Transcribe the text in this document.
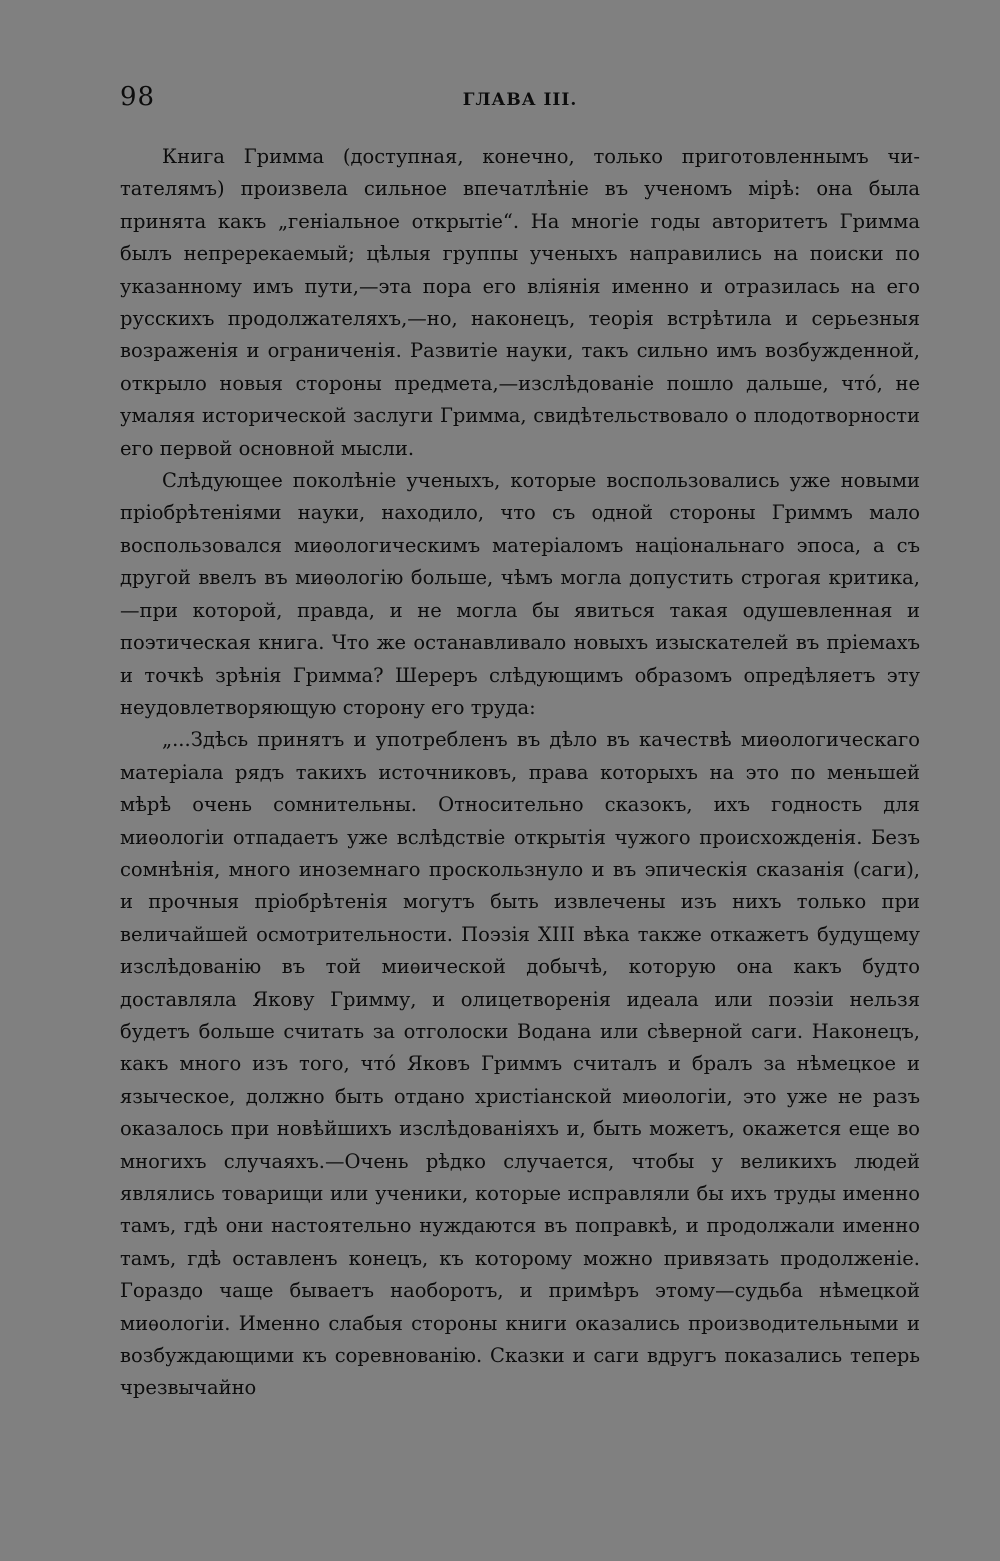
98	ГЛАВА III.

Книга Гримма (доступная, конечно, только приготовленнымъ читателямъ) произвела сильное впечатлѣніе въ ученомъ мірѣ: она была принята какъ „геніальное открытіе“. На многіе годы авторитетъ Гримма былъ непререкаемый; цѣлыя группы ученыхъ направились на поиски по указанному имъ пути,—эта пора его вліянія именно и отразилась на его русскихъ продолжателяхъ,—но, наконецъ, теорія встрѣтила и серьезныя возраженія и ограниченія. Развитіе науки, такъ сильно имъ возбужденной, открыло новыя стороны предмета,—изслѣдованіе пошло дальше, что́, не умаляя исторической заслуги Гримма, свидѣтельствовало о плодотворности его первой основной мысли.

Слѣдующее поколѣніе ученыхъ, которые воспользовались уже новыми пріобрѣтеніями науки, находило, что съ одной стороны Гриммъ мало воспользовался миѳологическимъ матеріаломъ національнаго эпоса, а съ другой ввелъ въ миѳологію больше, чѣмъ могла допустить строгая критика,—при которой, правда, и не могла бы явиться такая одушевленная и поэтическая книга. Что же останавливало новыхъ изыскателей въ пріемахъ и точкѣ зрѣнія Гримма? Шереръ слѣдующимъ образомъ опредѣляетъ эту неудовлетворяющую сторону его труда:

„...Здѣсь принятъ и употребленъ въ дѣло въ качествѣ миѳологическаго матеріала рядъ такихъ источниковъ, права которыхъ на это по меньшей мѣрѣ очень сомнительны. Относительно сказокъ, ихъ годность для миѳологіи отпадаетъ уже вслѣдствіе открытія чужого происхожденія. Безъ сомнѣнія, много иноземнаго проскользнуло и въ эпическія сказанія (саги), и прочныя пріобрѣтенія могутъ быть извлечены изъ нихъ только при величайшей осмотрительности. Поэзія XIII вѣка также откажетъ будущему изслѣдованію въ той миѳической добычѣ, которую она какъ будто доставляла Якову Гримму, и олицетворенія идеала или поэзіи нельзя будетъ больше считать за отголоски Водана или сѣверной саги. Наконецъ, какъ много изъ того, что́ Яковъ Гриммъ считалъ и бралъ за нѣмецкое и языческое, должно быть отдано христіанской миѳологіи, это уже не разъ оказалось при новѣйшихъ изслѣдованіяхъ и, быть можетъ, окажется еще во многихъ случаяхъ.—Очень рѣдко случается, чтобы у великихъ людей являлись товарищи или ученики, которые исправляли бы ихъ труды именно тамъ, гдѣ они настоятельно нуждаются въ поправкѣ, и продолжали именно тамъ, гдѣ оставленъ конецъ, къ которому можно привязать продолженіе. Гораздо чаще бываетъ наоборотъ, и примѣръ этому—судьба нѣмецкой миѳологіи. Именно слабыя стороны книги оказались производительными и возбуждающими къ соревнованію. Сказки и саги вдругъ показались теперь чрезвычайно
